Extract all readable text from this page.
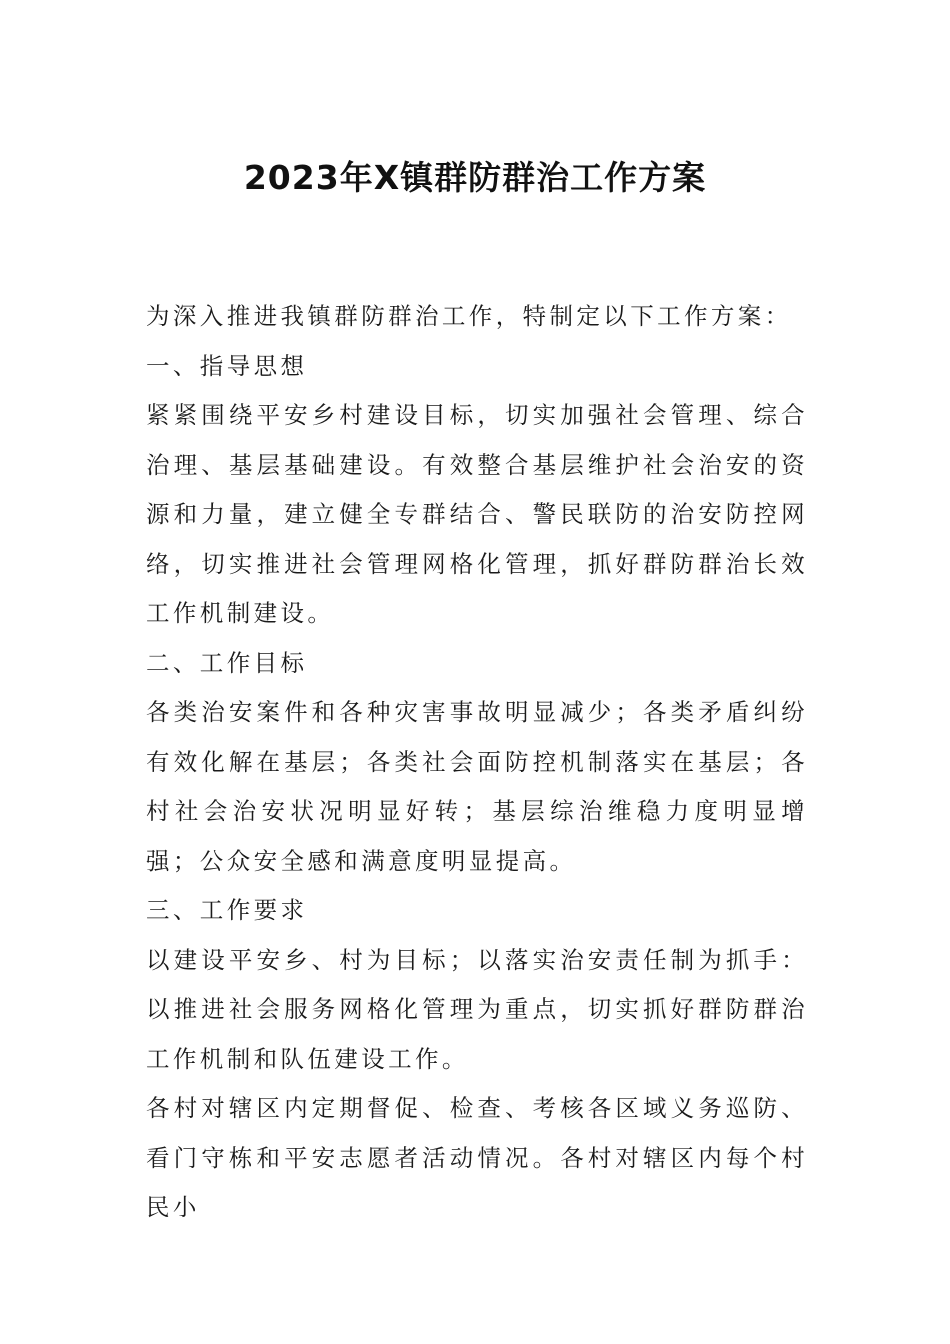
2023年X镇群防群治工作方案

为深入推进我镇群防群治工作，特制定以下工作方案：

一、指导思想

紧紧围绕平安乡村建设目标，切实加强社会管理、综合治理、基层基础建设。有效整合基层维护社会治安的资源和力量，建立健全专群结合、警民联防的治安防控网络，切实推进社会管理网格化管理，抓好群防群治长效工作机制建设。

二、工作目标

各类治安案件和各种灾害事故明显减少；各类矛盾纠纷有效化解在基层；各类社会面防控机制落实在基层；各村社会治安状况明显好转；基层综治维稳力度明显增强；公众安全感和满意度明显提高。

三、工作要求

以建设平安乡、村为目标；以落实治安责任制为抓手：以推进社会服务网格化管理为重点，切实抓好群防群治工作机制和队伍建设工作。

各村对辖区内定期督促、检查、考核各区域义务巡防、看门守栋和平安志愿者活动情况。各村对辖区内每个村民小
